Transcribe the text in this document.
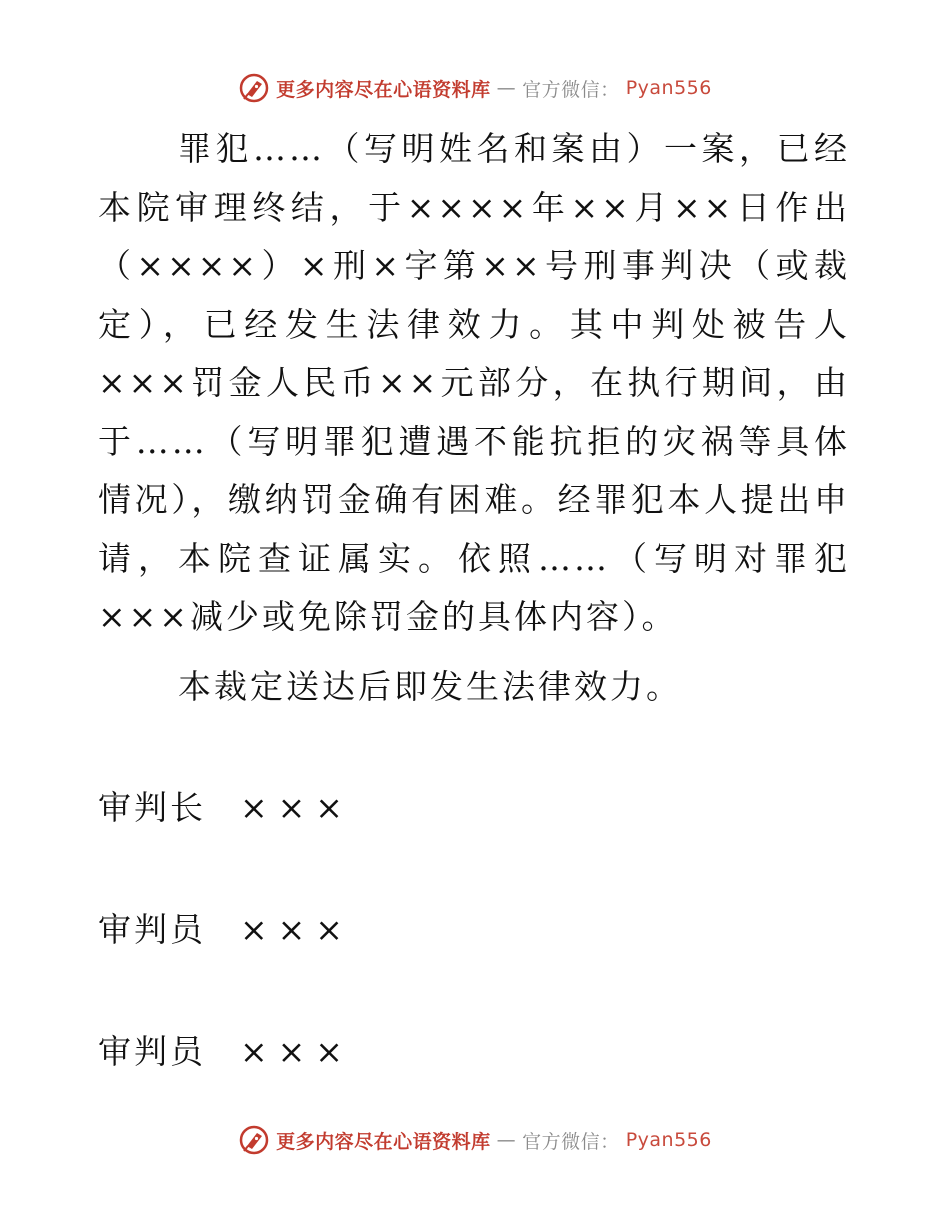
更多内容尽在心语资料库 — 官方微信： Pyan556

罪犯……（写明姓名和案由）一案，已经本院审理终结，于××××年××月××日作出（××××）×刑×字第××号刑事判决（或裁定），已经发生法律效力。其中判处被告人×××罚金人民币××元部分，在执行期间，由于……（写明罪犯遭遇不能抗拒的灾祸等具体情况），缴纳罚金确有困难。经罪犯本人提出申请，本院查证属实。依照……（写明对罪犯×××减少或免除罚金的具体内容）。

本裁定送达后即发生法律效力。

审判长	×××
审判员	×××
审判员	×××
更多内容尽在心语资料库 — 官方微信： Pyan556
